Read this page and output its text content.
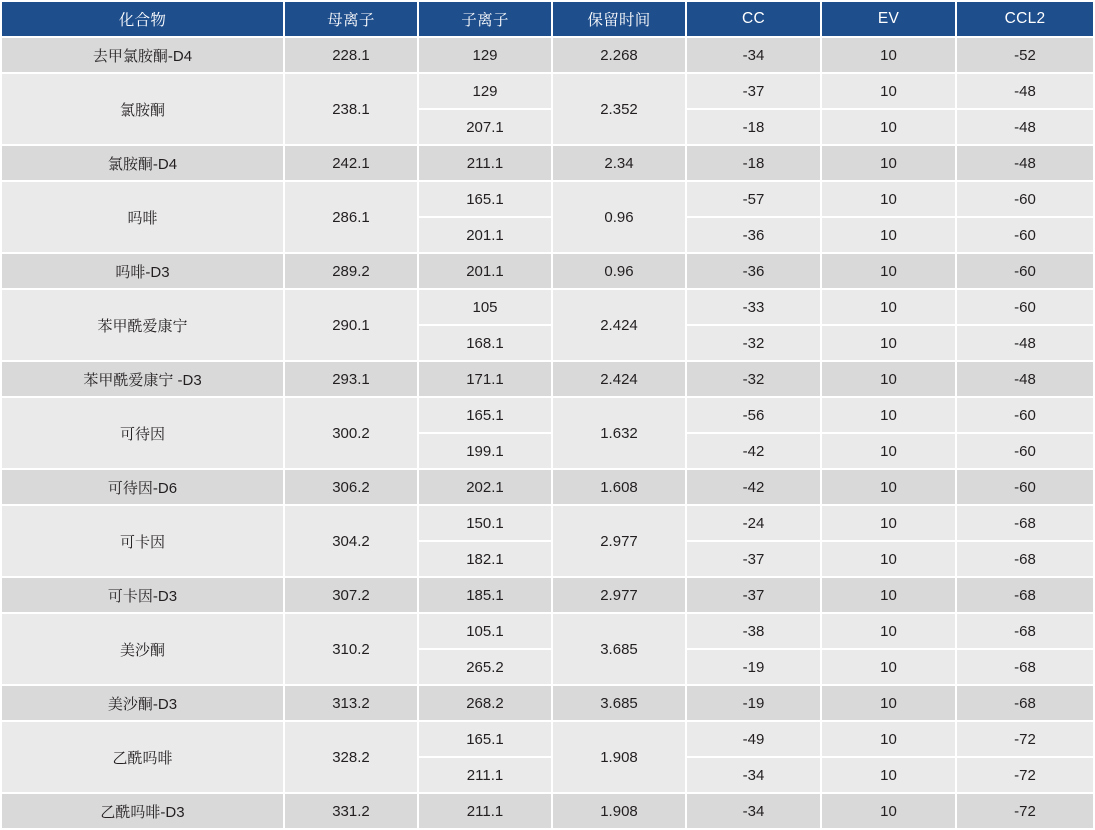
化合物	母离子	子离子	保留时间	CC	EV	CCL2
去甲氯胺酮-D4	228.1	129	2.268	-34	10	-52
氯胺酮	238.1	129	2.352	-37	10	-48
		207.1		-18	10	-48
氯胺酮-D4	242.1	211.1	2.34	-18	10	-48
吗啡	286.1	165.1	0.96	-57	10	-60
		201.1		-36	10	-60
吗啡-D3	289.2	201.1	0.96	-36	10	-60
苯甲酰爱康宁	290.1	105	2.424	-33	10	-60
		168.1		-32	10	-48
苯甲酰爱康宁 -D3	293.1	171.1	2.424	-32	10	-48
可待因	300.2	165.1	1.632	-56	10	-60
		199.1		-42	10	-60
可待因-D6	306.2	202.1	1.608	-42	10	-60
可卡因	304.2	150.1	2.977	-24	10	-68
		182.1		-37	10	-68
可卡因-D3	307.2	185.1	2.977	-37	10	-68
美沙酮	310.2	105.1	3.685	-38	10	-68
		265.2		-19	10	-68
美沙酮-D3	313.2	268.2	3.685	-19	10	-68
乙酰吗啡	328.2	165.1	1.908	-49	10	-72
		211.1		-34	10	-72
乙酰吗啡-D3	331.2	211.1	1.908	-34	10	-72
